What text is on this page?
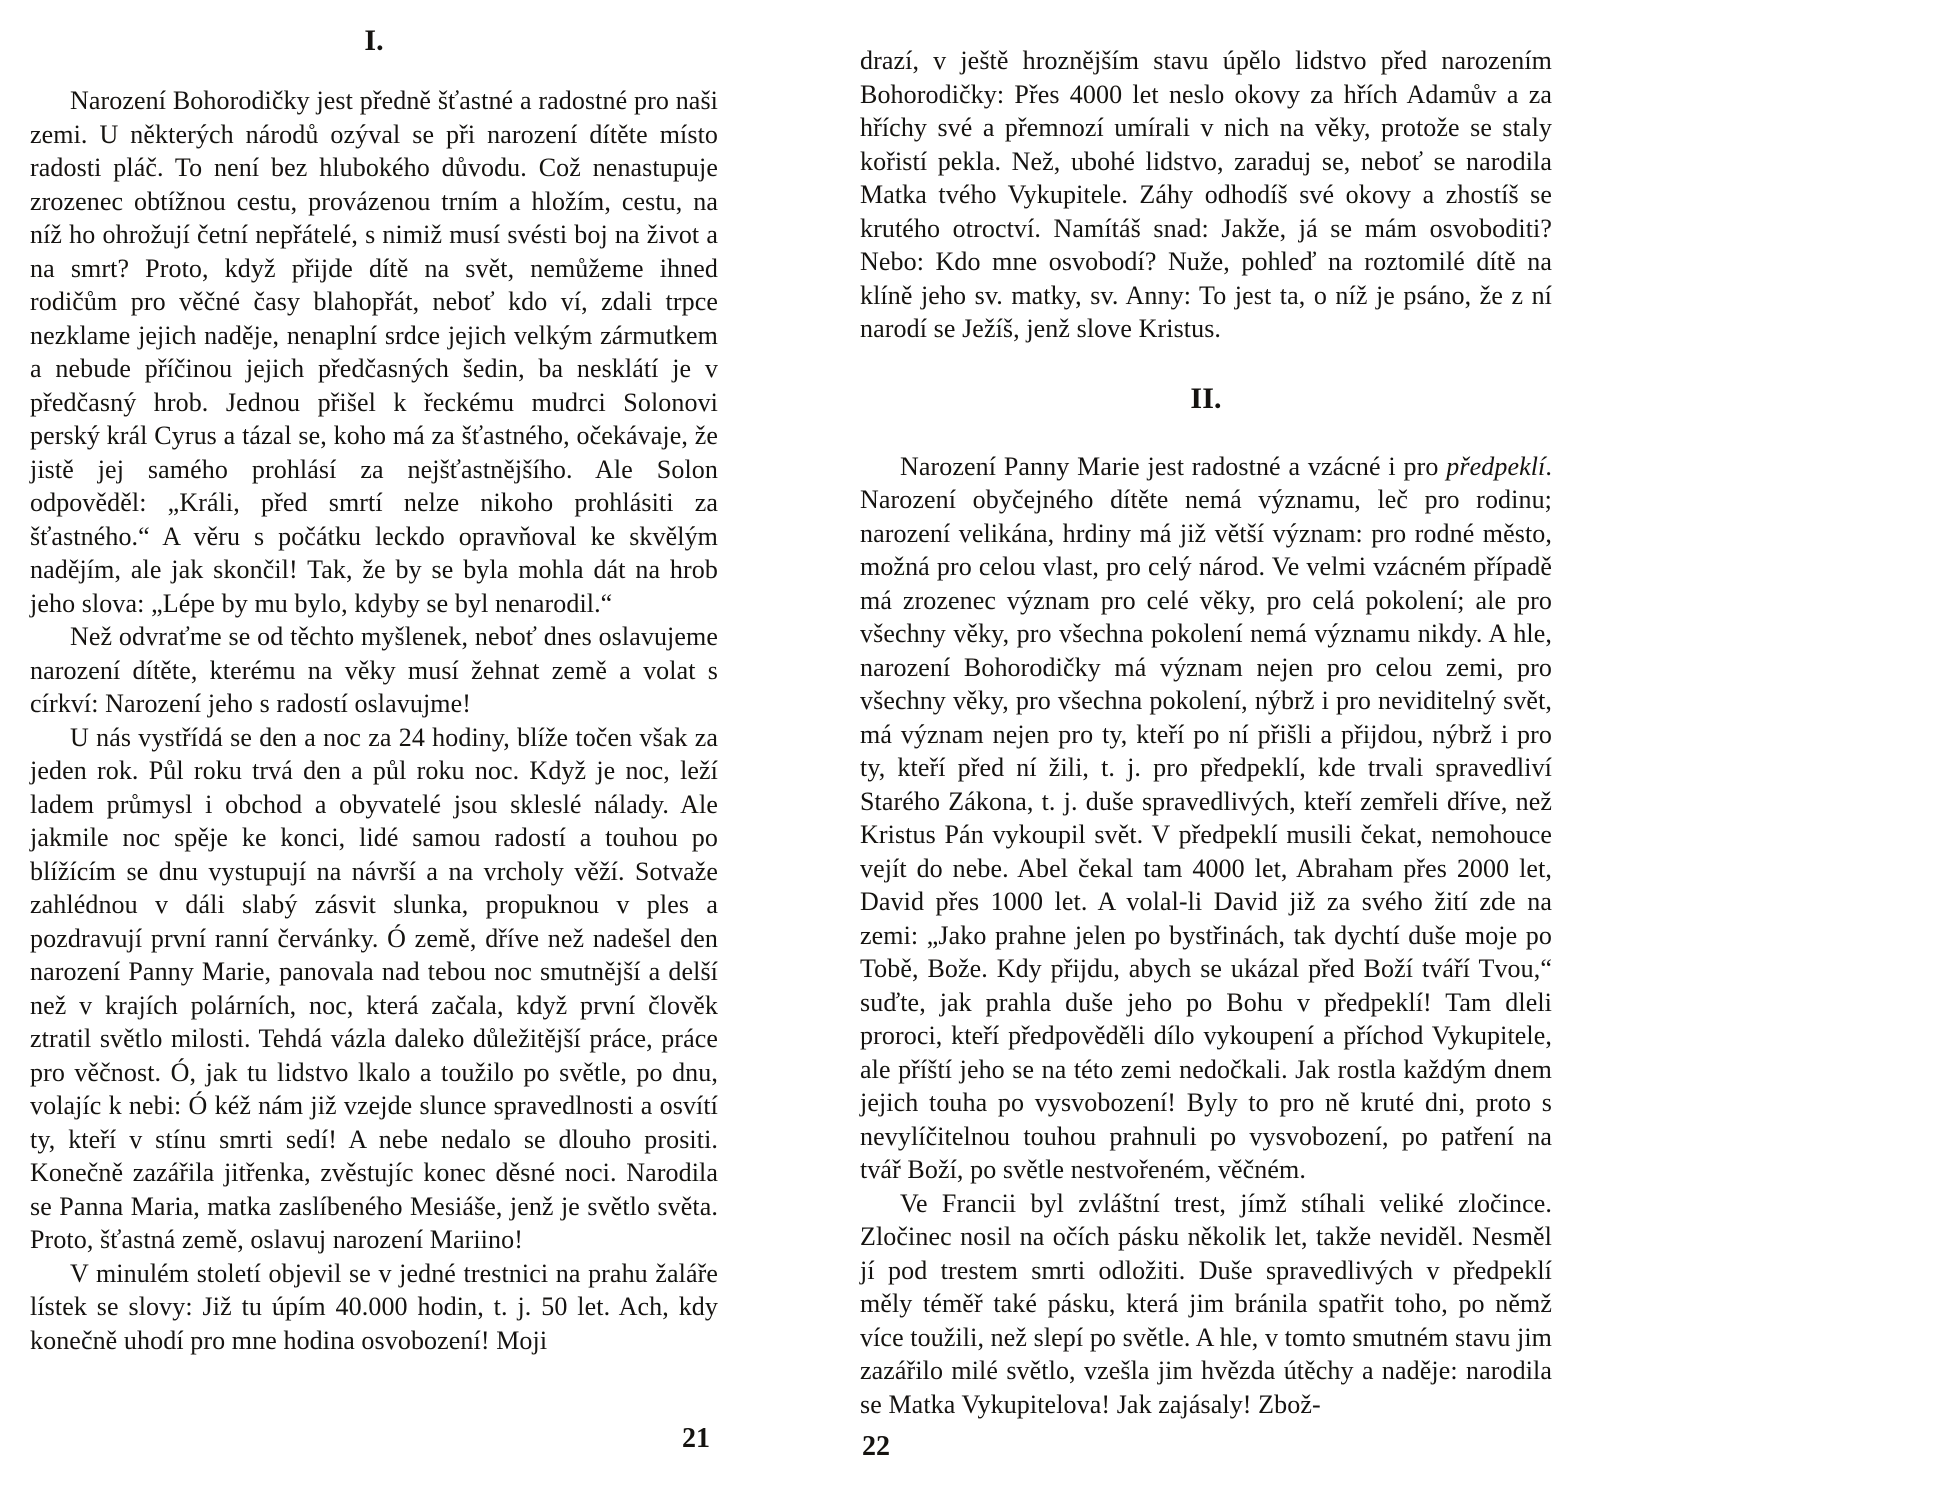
I.

Narození Bohorodičky jest předně šťastné a radostné pro naši zemi. U některých národů ozýval se při narození dítěte místo radosti pláč. To není bez hlubokého důvodu. Což nenastupuje zrozenec obtížnou cestu, provázenou trním a hložím, cestu, na níž ho ohrožují četní nepřátelé, s nimiž musí svésti boj na život a na smrt? Proto, když přijde dítě na svět, nemůžeme ihned rodičům pro věčné časy blahopřát, neboť kdo ví, zdali trpce nezklame jejich naděje, nenaplní srdce jejich velkým zármutkem a nebude příčinou jejich předčasných šedin, ba nesklátí je v předčasný hrob. Jednou přišel k řeckému mudrci Solonovi perský král Cyrus a tázal se, koho má za šťastného, očekávaje, že jistě jej samého prohlásí za nejšťastnějšího. Ale Solon odpověděl: „Králi, před smrtí nelze nikoho prohlásiti za šťastného.“ A věru s počátku leckdo opravňoval ke skvělým nadějím, ale jak skončil! Tak, že by se byla mohla dát na hrob jeho slova: „Lépe by mu bylo, kdyby se byl nenarodil.“

Než odvraťme se od těchto myšlenek, neboť dnes oslavujeme narození dítěte, kterému na věky musí žehnat země a volat s církví: Narození jeho s radostí oslavujme!

U nás vystřídá se den a noc za 24 hodiny, blíže točen však za jeden rok. Půl roku trvá den a půl roku noc. Když je noc, leží ladem průmysl i obchod a obyvatelé jsou skleslé nálady. Ale jakmile noc spěje ke konci, lidé samou radostí a touhou po blížícím se dnu vystupují na návrší a na vrcholy věží. Sotvaže zahlédnou v dáli slabý zásvit slunka, propuknou v ples a pozdravují první ranní červánky. Ó země, dříve než nadešel den narození Panny Marie, panovala nad tebou noc smutnější a delší než v krajích polárních, noc, která začala, když první člověk ztratil světlo milosti. Tehdá vázla daleko důležitější práce, práce pro věčnost. Ó, jak tu lidstvo lkalo a toužilo po světle, po dnu, volajíc k nebi: Ó kéž nám již vzejde slunce spravedlnosti a osvítí ty, kteří v stínu smrti sedí! A nebe nedalo se dlouho prositi. Konečně zazářila jitřenka, zvěstujíc konec děsné noci. Narodila se Panna Maria, matka zaslíbeného Mesiáše, jenž je světlo světa. Proto, šťastná země, oslavuj narození Mariino!

V minulém století objevil se v jedné trestnici na prahu žaláře lístek se slovy: Již tu úpím 40.000 hodin, t. j. 50 let. Ach, kdy konečně uhodí pro mne hodina osvobození! Moji

drazí, v ještě hroznějším stavu úpělo lidstvo před narozením Bohorodičky: Přes 4000 let neslo okovy za hřích Adamův a za hříchy své a přemnozí umírali v nich na věky, protože se staly kořistí pekla. Než, ubohé lidstvo, zaraduj se, neboť se narodila Matka tvého Vykupitele. Záhy odhodíš své okovy a zhostíš se krutého otroctví. Namítáš snad: Jakže, já se mám osvoboditi? Nebo: Kdo mne osvobodí? Nuže, pohleď na roztomilé dítě na klíně jeho sv. matky, sv. Anny: To jest ta, o níž je psáno, že z ní narodí se Ježíš, jenž slove Kristus.

II.

Narození Panny Marie jest radostné a vzácné i pro předpeklí. Narození obyčejného dítěte nemá významu, leč pro rodinu; narození velikána, hrdiny má již větší význam: pro rodné město, možná pro celou vlast, pro celý národ. Ve velmi vzácném případě má zrozenec význam pro celé věky, pro celá pokolení; ale pro všechny věky, pro všechna pokolení nemá významu nikdy. A hle, narození Bohorodičky má význam nejen pro celou zemi, pro všechny věky, pro všechna pokolení, nýbrž i pro neviditelný svět, má význam nejen pro ty, kteří po ní přišli a přijdou, nýbrž i pro ty, kteří před ní žili, t. j. pro předpeklí, kde trvali spravedliví Starého Zákona, t. j. duše spravedlivých, kteří zemřeli dříve, než Kristus Pán vykoupil svět. V předpeklí musili čekat, nemohouce vejít do nebe. Abel čekal tam 4000 let, Abraham přes 2000 let, David přes 1000 let. A volal-li David již za svého žití zde na zemi: „Jako prahne jelen po bystřinách, tak dychtí duše moje po Tobě, Bože. Kdy přijdu, abych se ukázal před Boží tváří Tvou,“ suďte, jak prahla duše jeho po Bohu v předpeklí! Tam dleli proroci, kteří předpověděli dílo vykoupení a příchod Vykupitele, ale příští jeho se na této zemi nedočkali. Jak rostla každým dnem jejich touha po vysvobození! Byly to pro ně kruté dni, proto s nevylíčitelnou touhou prahnuli po vysvobození, po patření na tvář Boží, po světle nestvořeném, věčném.

Ve Francii byl zvláštní trest, jímž stíhali veliké zločince. Zločinec nosil na očích pásku několik let, takže neviděl. Nesměl jí pod trestem smrti odložiti. Duše spravedlivých v předpeklí měly téměř také pásku, která jim bránila spatřit toho, po němž více toužili, než slepí po světle. A hle, v tomto smutném stavu jim zazářilo milé světlo, vzešla jim hvězda útěchy a naděje: narodila se Matka Vykupitelova! Jak zajásaly! Zbož-

21	22
